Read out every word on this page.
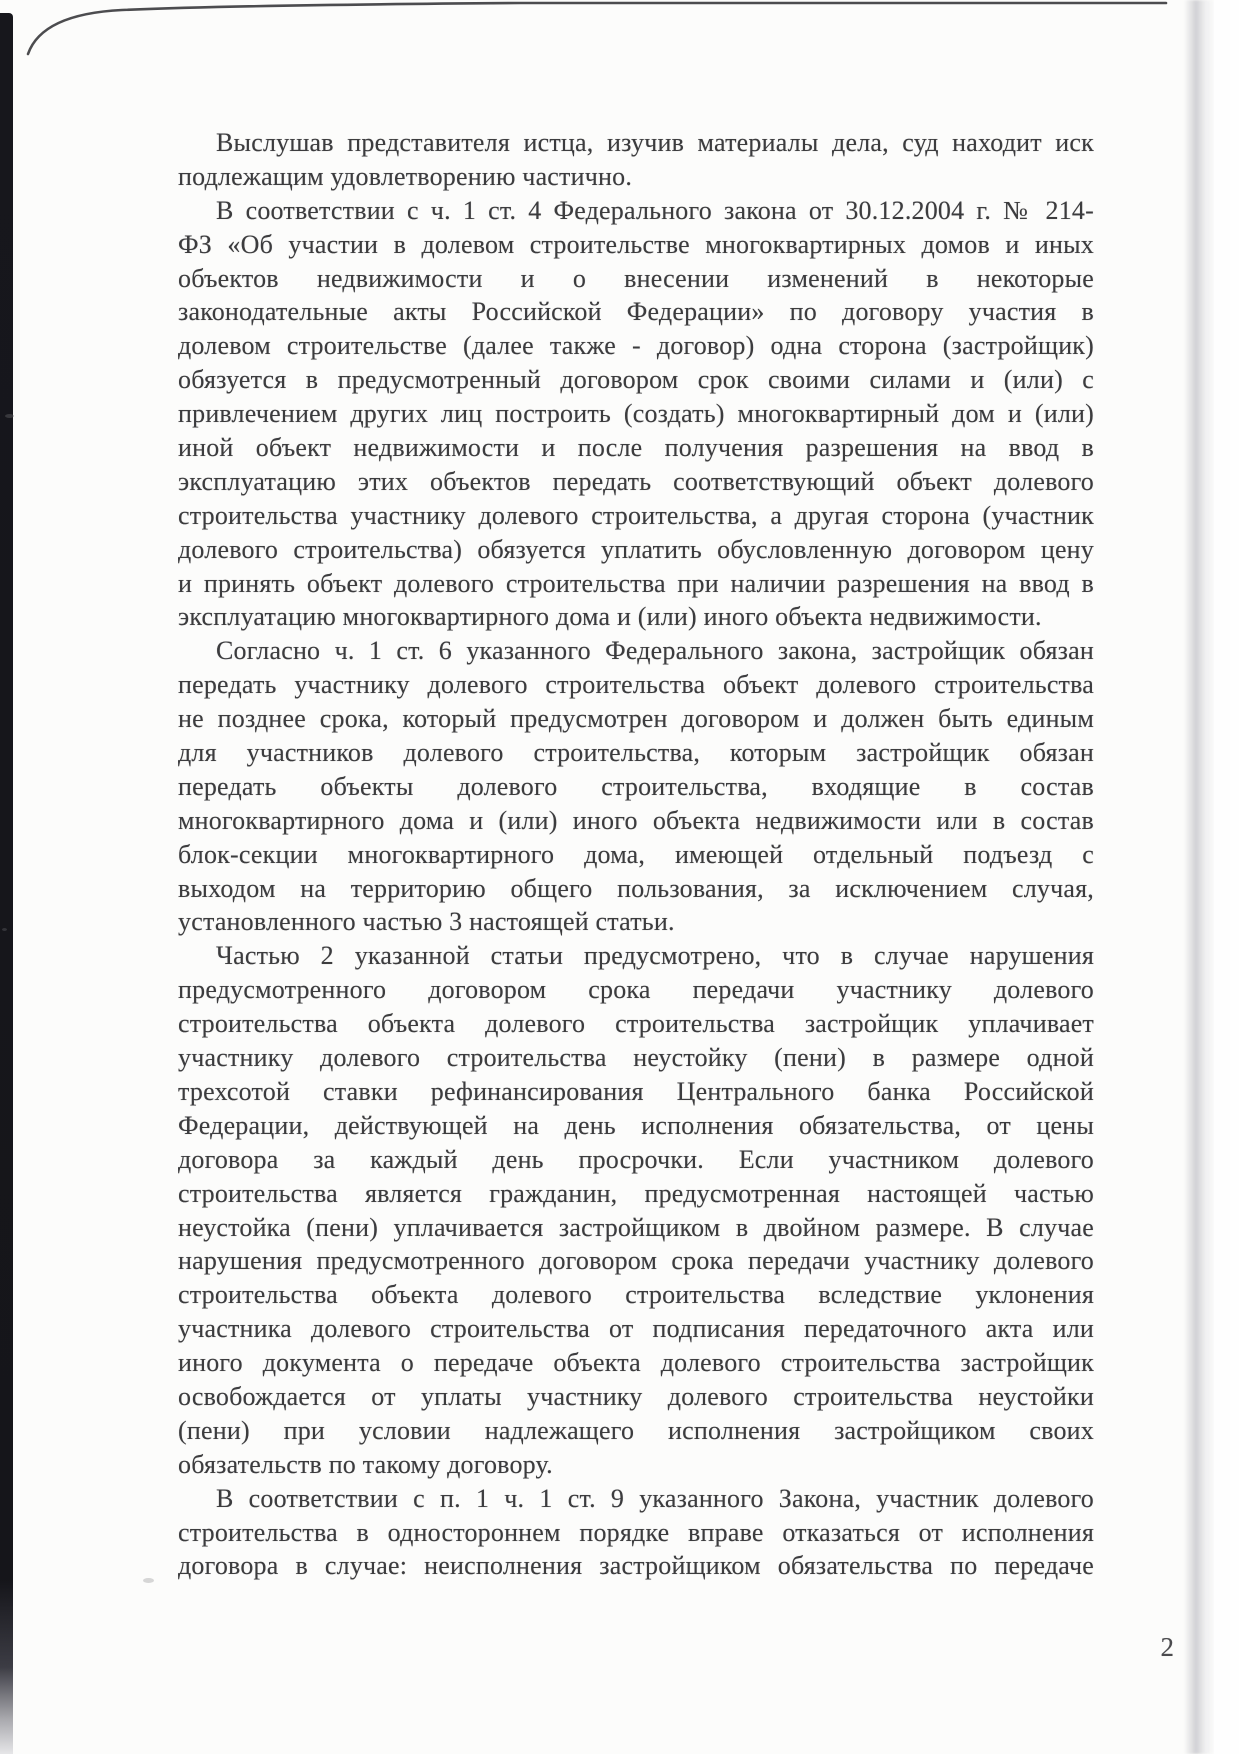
Выслушав представителя истца, изучив материалы дела, суд находит иск
подлежащим удовлетворению частично.
В соответствии с ч. 1 ст. 4 Федерального закона от 30.12.2004 г. № 214-
ФЗ «Об участии в долевом строительстве многоквартирных домов и иных
объектов недвижимости и о внесении изменений в некоторые
законодательные акты Российской Федерации» по договору участия в
долевом строительстве (далее также - договор) одна сторона (застройщик)
обязуется в предусмотренный договором срок своими силами и (или) с
привлечением других лиц построить (создать) многоквартирный дом и (или)
иной объект недвижимости и после получения разрешения на ввод в
эксплуатацию этих объектов передать соответствующий объект долевого
строительства участнику долевого строительства, а другая сторона (участник
долевого строительства) обязуется уплатить обусловленную договором цену
и принять объект долевого строительства при наличии разрешения на ввод в
эксплуатацию многоквартирного дома и (или) иного объекта недвижимости.
Согласно ч. 1 ст. 6 указанного Федерального закона, застройщик обязан
передать участнику долевого строительства объект долевого строительства
не позднее срока, который предусмотрен договором и должен быть единым
для участников долевого строительства, которым застройщик обязан
передать объекты долевого строительства, входящие в состав
многоквартирного дома и (или) иного объекта недвижимости или в состав
блок-секции многоквартирного дома, имеющей отдельный подъезд с
выходом на территорию общего пользования, за исключением случая,
установленного частью 3 настоящей статьи.
Частью 2 указанной статьи предусмотрено, что в случае нарушения
предусмотренного договором срока передачи участнику долевого
строительства объекта долевого строительства застройщик уплачивает
участнику долевого строительства неустойку (пени) в размере одной
трехсотой ставки рефинансирования Центрального банка Российской
Федерации, действующей на день исполнения обязательства, от цены
договора за каждый день просрочки. Если участником долевого
строительства является гражданин, предусмотренная настоящей частью
неустойка (пени) уплачивается застройщиком в двойном размере. В случае
нарушения предусмотренного договором срока передачи участнику долевого
строительства объекта долевого строительства вследствие уклонения
участника долевого строительства от подписания передаточного акта или
иного документа о передаче объекта долевого строительства застройщик
освобождается от уплаты участнику долевого строительства неустойки
(пени) при условии надлежащего исполнения застройщиком своих
обязательств по такому договору.
В соответствии с п. 1 ч. 1 ст. 9 указанного Закона, участник долевого
строительства в одностороннем порядке вправе отказаться от исполнения
договора в случае: неисполнения застройщиком обязательства по передаче
2
